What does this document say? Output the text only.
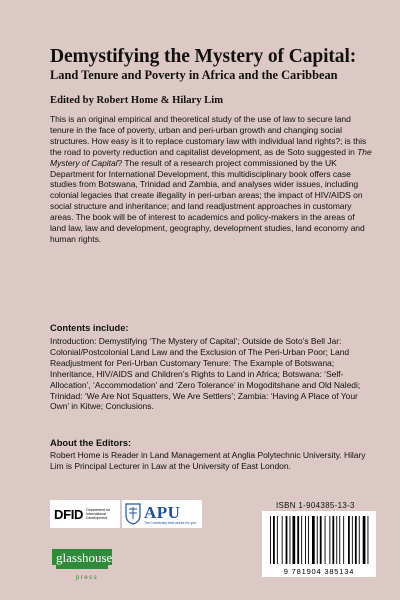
Demystifying the Mystery of Capital:
Land Tenure and Poverty in Africa and the Caribbean
Edited by Robert Home & Hilary Lim

This is an original empirical and theoretical study of the use of law to secure land tenure in the face of poverty, urban and peri-urban growth and changing social structures. How easy is it to replace customary law with individual land rights?; is this the road to poverty reduction and capitalist development, as de Soto suggested in The Mystery of Capital? The result of a research project commissioned by the UK Department for International Development, this multidisciplinary book offers case studies from Botswana, Trinidad and Zambia, and analyses wider issues, including colonial legacies that create illegality in peri-urban areas; the impact of HIV/AIDS on social structure and inheritance; and land readjustment approaches in customary areas. The book will be of interest to academics and policy-makers in the areas of land law, law and development, geography, development studies, land economy and human rights.

Contents include:

Introduction: Demystifying ‘The Mystery of Capital’; Outside de Soto’s Bell Jar: Colonial/Postcolonial Land Law and the Exclusion of The Peri-Urban Poor; Land Readjustment for Peri-Urban Customary Tenure: The Example of Botswana; Inheritance, HIV/AIDS and Children’s Rights to Land in Africa; Botswana: ‘Self-Allocation’, ‘Accommodation’ and ‘Zero Tolerance’ in Mogoditshane and Old Naledi; Trinidad: ‘We Are Not Squatters, We Are Settlers’; Zambia: ‘Having A Place of Your Own’ in Kitwe; Conclusions.

About the Editors:

Robert Home is Reader in Land Management at Anglia Polytechnic University. Hilary Lim is Principal Lecturer in Law at the University of East London.

DFID Department for International Development APU
The University that works for you
ISBN 1-904385-13-3
9 781904 385134
glasshouse
press
